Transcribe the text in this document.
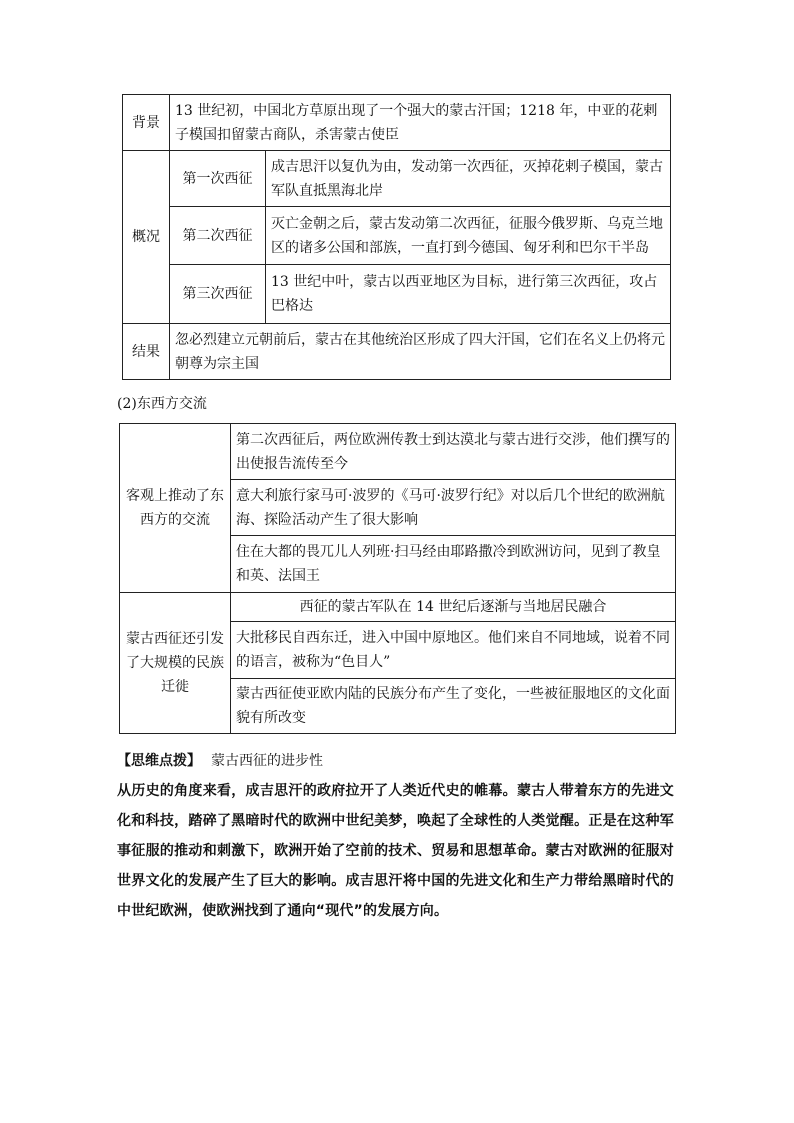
背景	13 世纪初，中国北方草原出现了一个强大的蒙古汗国；1218 年，中亚的花剌子模国扣留蒙古商队，杀害蒙古使臣	
概况	第一次西征	成吉思汗以复仇为由，发动第一次西征，灭掉花剌子模国，蒙古军队直抵黑海北岸
	第二次西征	灭亡金朝之后，蒙古发动第二次西征，征服今俄罗斯、乌克兰地区的诸多公国和部族，一直打到今德国、匈牙利和巴尔干半岛
	第三次西征	13 世纪中叶，蒙古以西亚地区为目标，进行第三次西征，攻占巴格达
结果	忽必烈建立元朝前后，蒙古在其他统治区形成了四大汗国，它们在名义上仍将元朝尊为宗主国	
(2)东西方交流
客观上推动了东西方的交流	第二次西征后，两位欧洲传教士到达漠北与蒙古进行交涉，他们撰写的出使报告流传至今
	意大利旅行家马可·波罗的《马可·波罗行纪》对以后几个世纪的欧洲航海、探险活动产生了很大影响
	住在大都的畏兀儿人列班·扫马经由耶路撒冷到欧洲访问，见到了教皇和英、法国王
蒙古西征还引发了大规模的民族迁徙	西征的蒙古军队在 14 世纪后逐渐与当地居民融合
	大批移民自西东迁，进入中国中原地区。他们来自不同地域，说着不同的语言，被称为“色目人”
	蒙古西征使亚欧内陆的民族分布产生了变化，一些被征服地区的文化面貌有所改变
【思维点拨】 蒙古西征的进步性
从历史的角度来看，成吉思汗的政府拉开了人类近代史的帷幕。蒙古人带着东方的先进文化和科技，踏碎了黑暗时代的欧洲中世纪美梦，唤起了全球性的人类觉醒。正是在这种军事征服的推动和刺激下，欧洲开始了空前的技术、贸易和思想革命。蒙古对欧洲的征服对世界文化的发展产生了巨大的影响。成吉思汗将中国的先进文化和生产力带给黑暗时代的中世纪欧洲，使欧洲找到了通向“现代”的发展方向。
